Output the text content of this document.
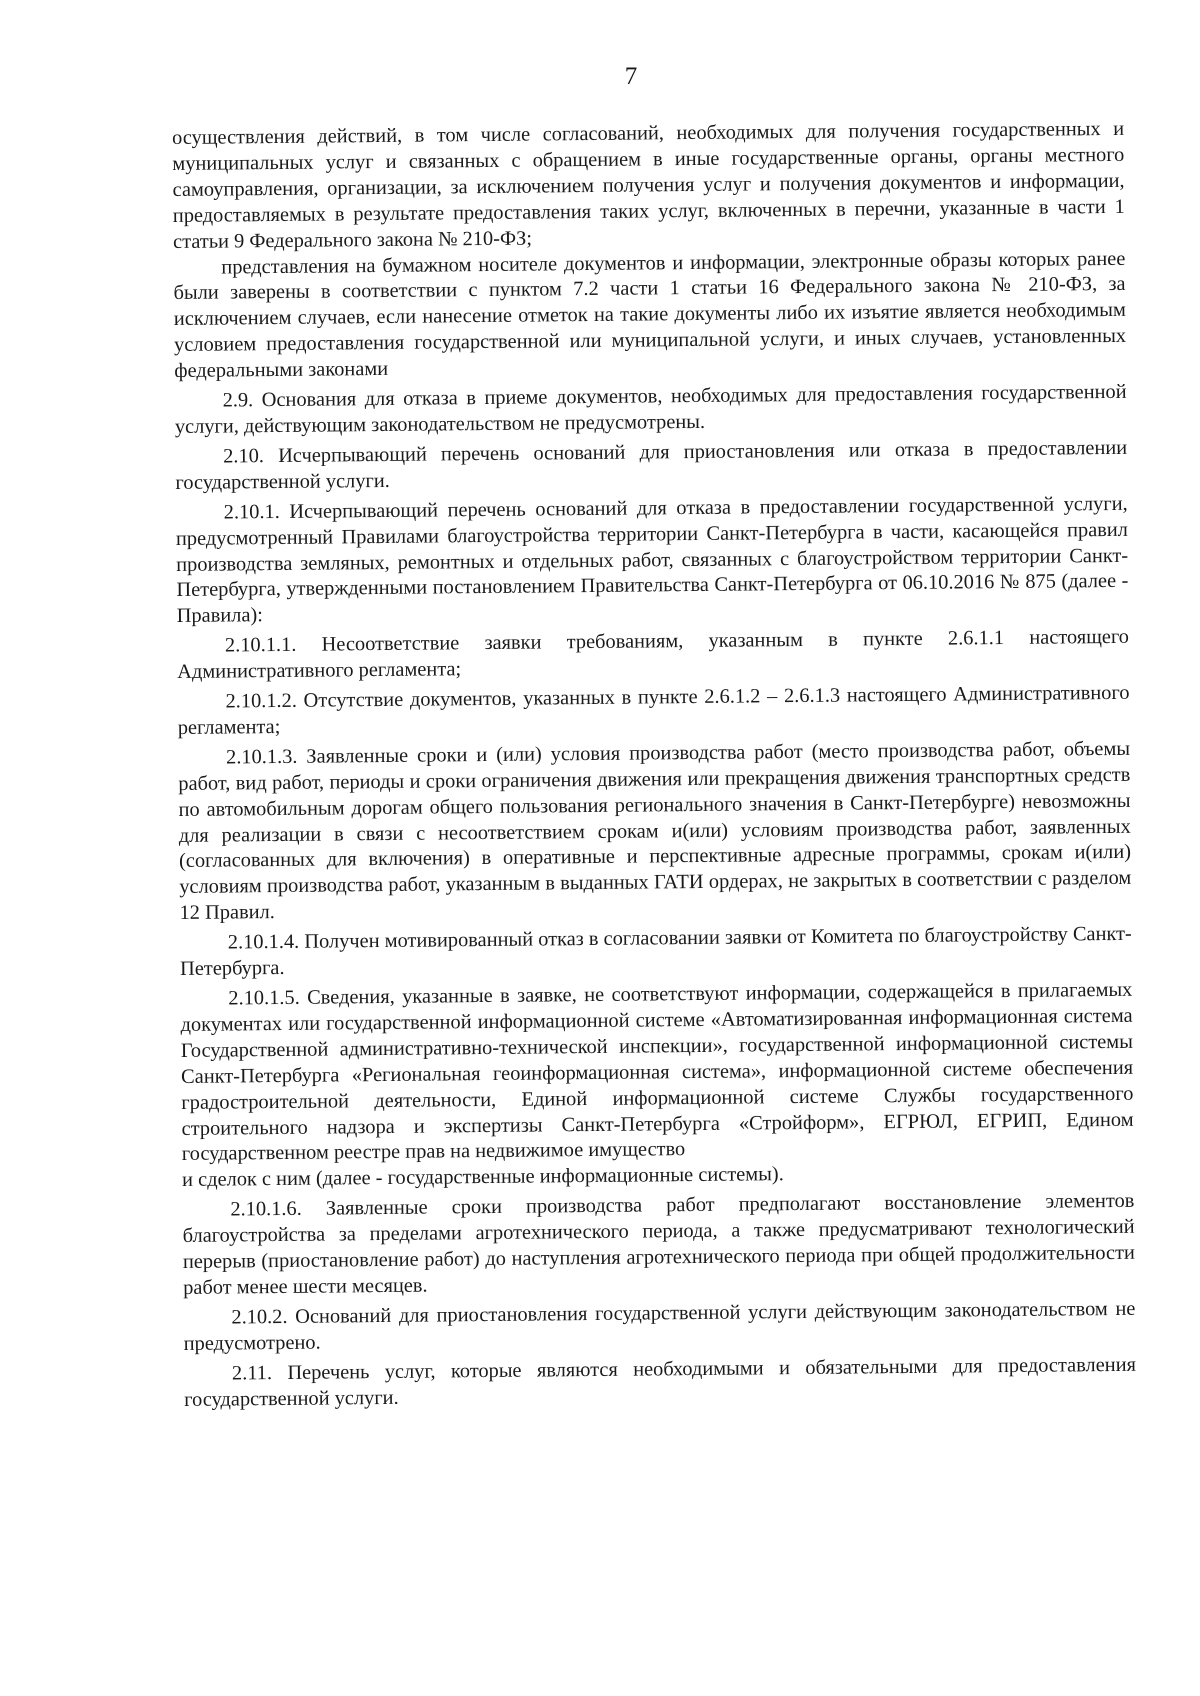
7

осуществления действий, в том числе согласований, необходимых для получения государственных и муниципальных услуг и связанных с обращением в иные государственные органы, органы местного самоуправления, организации, за исключением получения услуг и получения документов и информации, предоставляемых в результате предоставления таких услуг, включенных в перечни, указанные в части 1 статьи 9 Федерального закона № 210-ФЗ;

представления на бумажном носителе документов и информации, электронные образы которых ранее были заверены в соответствии с пунктом 7.2 части 1 статьи 16 Федерального закона № 210-ФЗ, за исключением случаев, если нанесение отметок на такие документы либо их изъятие является необходимым условием предоставления государственной или муниципальной услуги, и иных случаев, установленных федеральными законами

2.9. Основания для отказа в приеме документов, необходимых для предоставления государственной услуги, действующим законодательством не предусмотрены.

2.10. Исчерпывающий перечень оснований для приостановления или отказа в предоставлении государственной услуги.

2.10.1. Исчерпывающий перечень оснований для отказа в предоставлении государственной услуги, предусмотренный Правилами благоустройства территории Санкт-Петербурга в части, касающейся правил производства земляных, ремонтных и отдельных работ, связанных с благоустройством территории Санкт-Петербурга, утвержденными постановлением Правительства Санкт-Петербурга от 06.10.2016 № 875 (далее - Правила):

2.10.1.1. Несоответствие заявки требованиям, указанным в пункте 2.6.1.1 настоящего Административного регламента;

2.10.1.2. Отсутствие документов, указанных в пункте 2.6.1.2 – 2.6.1.3 настоящего Административного регламента;

2.10.1.3. Заявленные сроки и (или) условия производства работ (место производства работ, объемы работ, вид работ, периоды и сроки ограничения движения или прекращения движения транспортных средств по автомобильным дорогам общего пользования регионального значения в Санкт-Петербурге) невозможны для реализации в связи с несоответствием срокам и(или) условиям производства работ, заявленных (согласованных для включения) в оперативные и перспективные адресные программы, срокам и(или) условиям производства работ, указанным в выданных ГАТИ ордерах, не закрытых в соответствии с разделом 12 Правил.

2.10.1.4. Получен мотивированный отказ в согласовании заявки от Комитета по благоустройству Санкт-Петербурга.

2.10.1.5. Сведения, указанные в заявке, не соответствуют информации, содержащейся в прилагаемых документах или государственной информационной системе «Автоматизированная информационная система Государственной административно-технической инспекции», государственной информационной системы Санкт-Петербурга «Региональная геоинформационная система», информационной системе обеспечения градостроительной деятельности, Единой информационной системе Службы государственного строительного надзора и экспертизы Санкт-Петербурга «Стройформ», ЕГРЮЛ, ЕГРИП, Едином государственном реестре прав на недвижимое имущество

и сделок с ним (далее - государственные информационные системы).

2.10.1.6. Заявленные сроки производства работ предполагают восстановление элементов благоустройства за пределами агротехнического периода, а также предусматривают технологический перерыв (приостановление работ) до наступления агротехнического периода при общей продолжительности работ менее шести месяцев.

2.10.2. Оснований для приостановления государственной услуги действующим законодательством не предусмотрено.

2.11. Перечень услуг, которые являются необходимыми и обязательными для предоставления государственной услуги.
